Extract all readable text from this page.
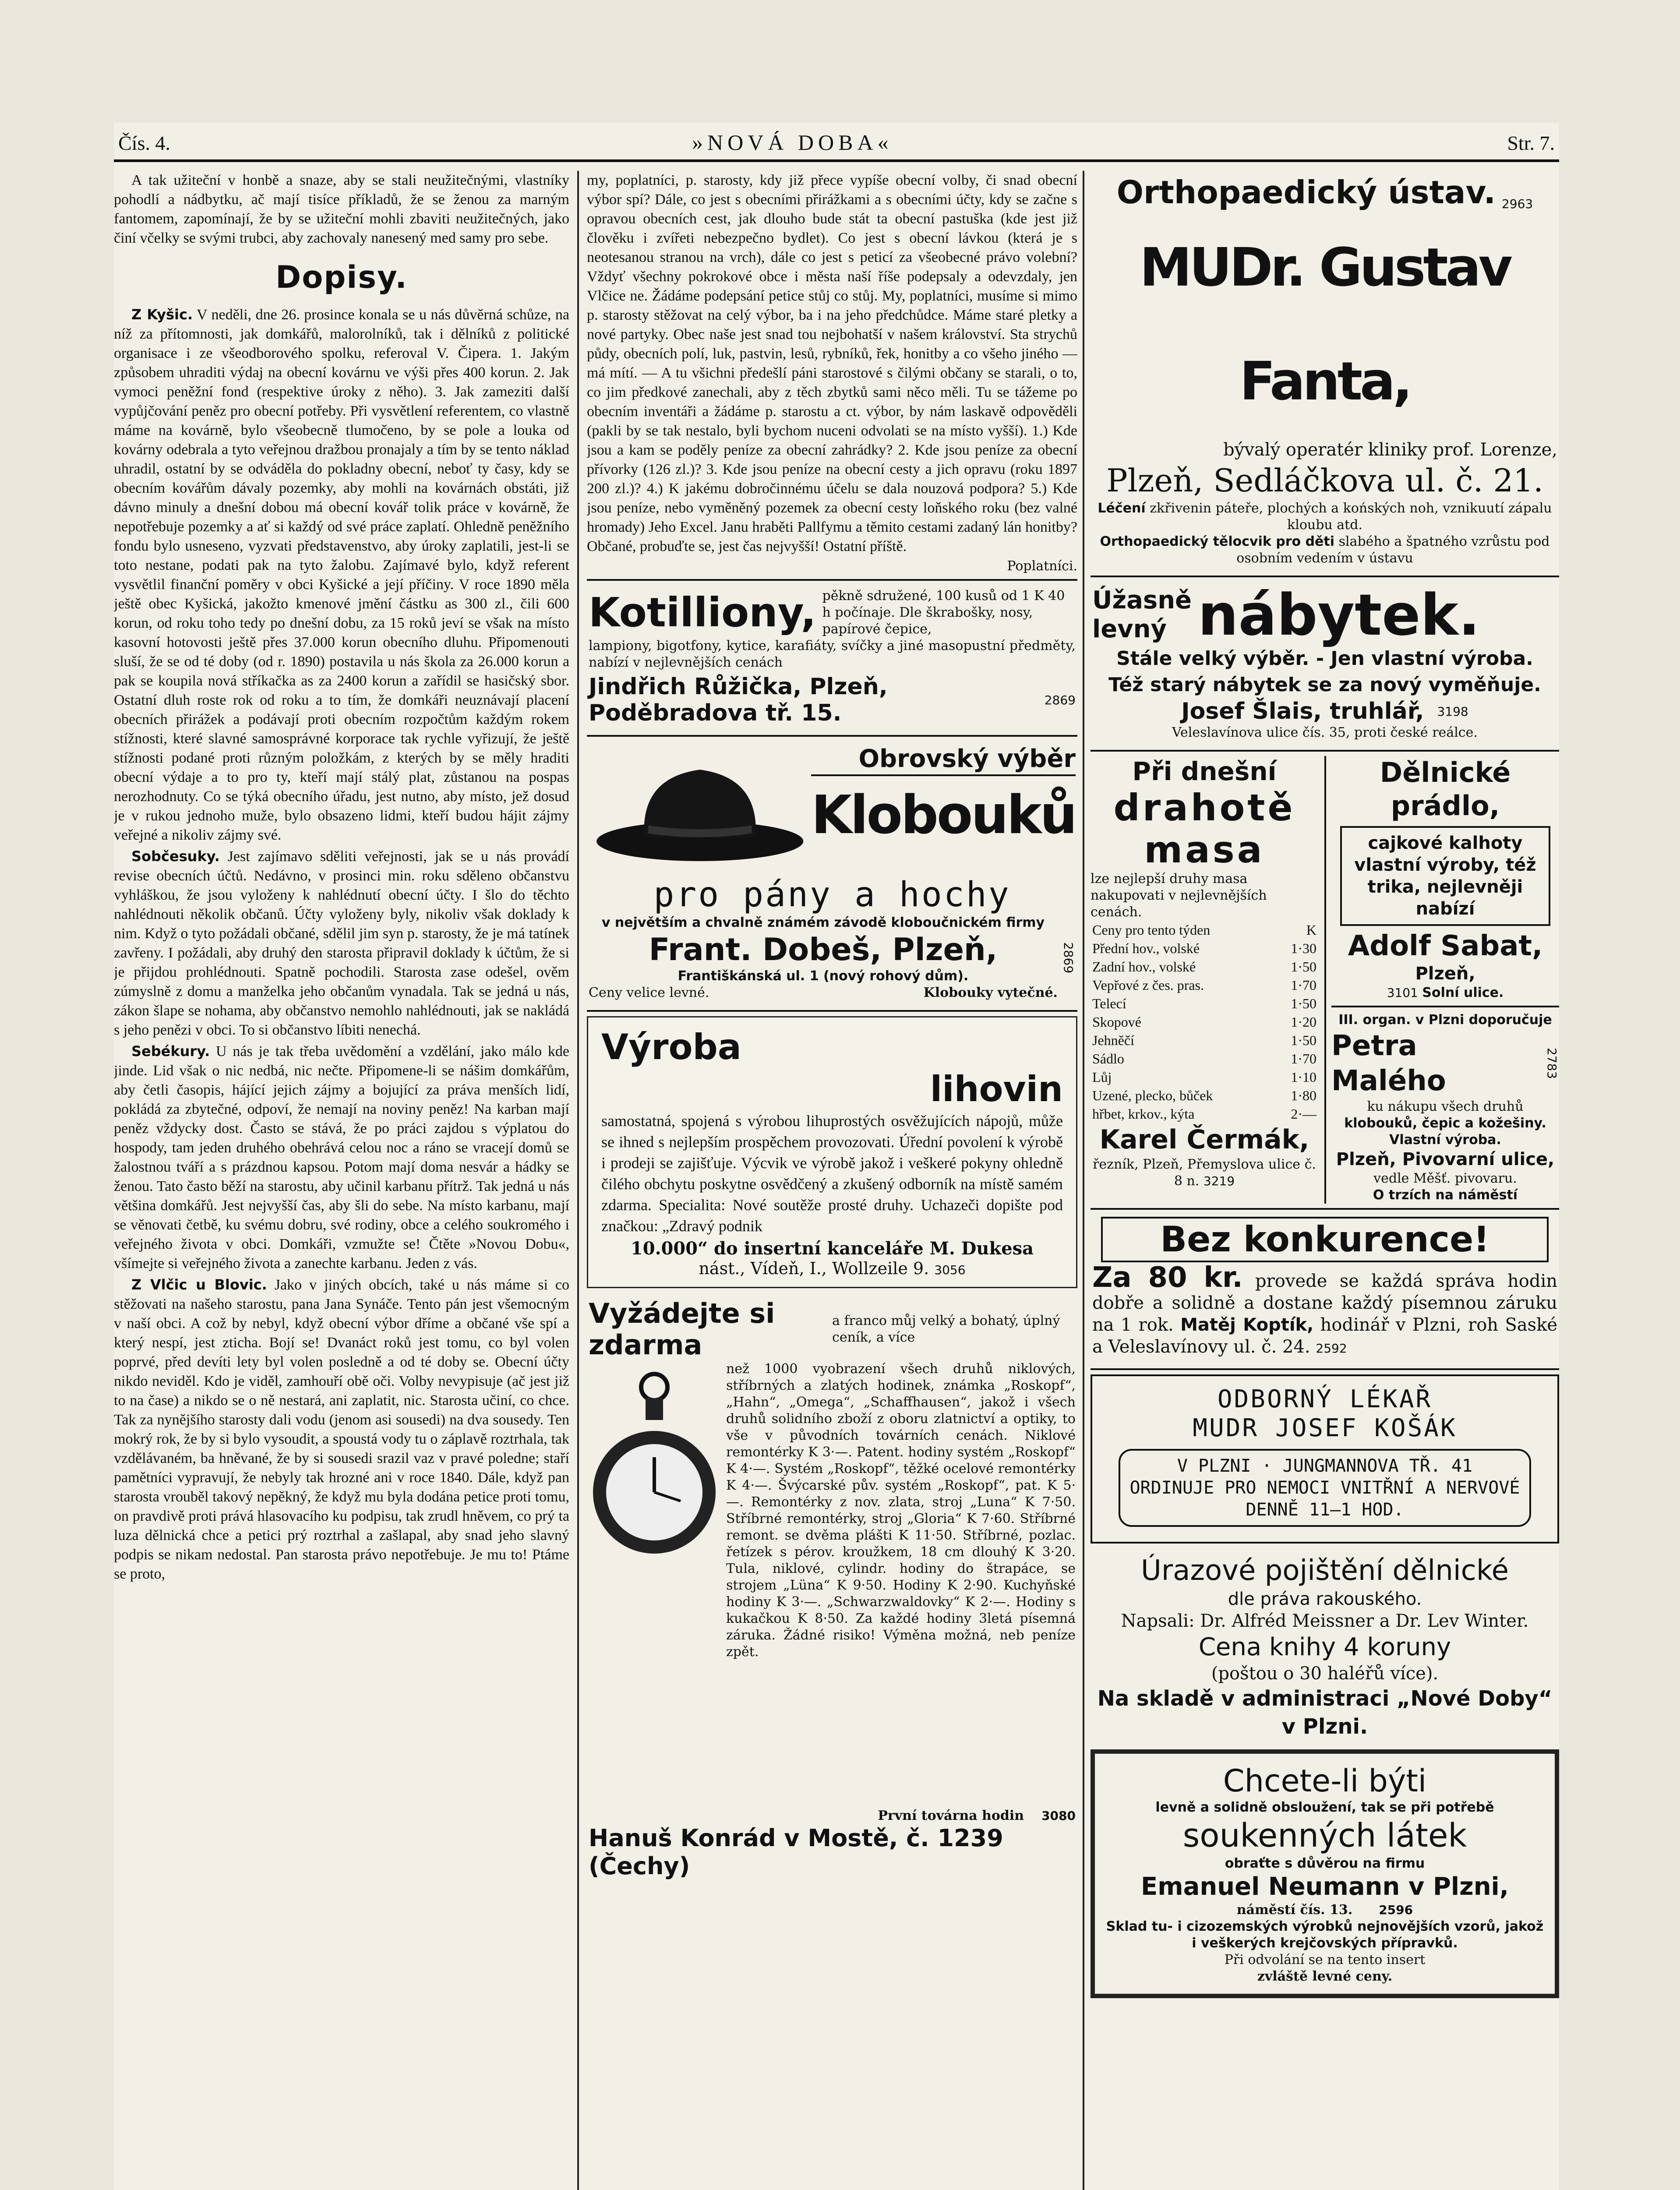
Čís. 4.	»NOVÁ DOBA«	Str. 7.

A tak užiteční v honbě a snaze, aby se stali neužitečnými, vlastníky pohodlí a nádbytku, ač mají tisíce příkladů, že se ženou za marným fantomem, zapomínají, že by se užiteční mohli zbaviti neužitečných, jako činí včelky se svými trubci, aby zachovaly nanesený med samy pro sebe.

Dopisy.

Z Kyšic. V neděli, dne 26. prosince konala se u nás důvěrná schůze, na níž za přítomnosti, jak domkářů, malorolníků, tak i dělníků z politické organisace i ze všeodborového spolku, referoval V. Čipera. 1. Jakým způsobem uhraditi výdaj na obecní kovárnu ve výši přes 400 korun. 2. Jak vymoci peněžní fond (respektive úroky z něho). 3. Jak zameziti další vypůjčování peněz pro obecní potřeby. Při vysvětlení referentem, co vlastně máme na kovárně, bylo všeobecně tlumočeno, by se pole a louka od kovárny odebrala a tyto veřejnou dražbou pronajaly a tím by se tento náklad uhradil, ostatní by se odváděla do pokladny obecní, neboť ty časy, kdy se obecním kovářům dávaly pozemky, aby mohli na kovárnách obstáti, již dávno minuly a dnešní dobou má obecní kovář tolik práce v kovárně, že nepotřebuje pozemky a ať si každý od své práce zaplatí. Ohledně peněžního fondu bylo usneseno, vyzvati představenstvo, aby úroky zaplatili, jest-li se toto nestane, podati pak na tyto žalobu. Zajímavé bylo, když referent vysvětlil finanční poměry v obci Kyšické a její příčiny. V roce 1890 měla ještě obec Kyšická, jakožto kmenové jmění částku as 300 zl., čili 600 korun, od roku toho tedy po dnešní dobu, za 15 roků jeví se však na místo kasovní hotovosti ještě přes 37.000 korun obecního dluhu. Připomenouti sluší, že se od té doby (od r. 1890) postavila u nás škola za 26.000 korun a pak se koupila nová stříkačka as za 2400 korun a zařídil se hasičský sbor. Ostatní dluh roste rok od roku a to tím, že domkáři neuznávají placení obecních přirážek a podávají proti obecním rozpočtům každým rokem stížnosti, které slavné samosprávné korporace tak rychle vyřizují, že ještě stížnosti podané proti různým položkám, z kterých by se měly hraditi obecní výdaje a to pro ty, kteří mají stálý plat, zůstanou na pospas nerozhodnuty. Co se týká obecního úřadu, jest nutno, aby místo, jež dosud je v rukou jednoho muže, bylo obsazeno lidmi, kteří budou hájit zájmy veřejné a nikoliv zájmy své.

Sobčesuky. Jest zajímavo sděliti veřejnosti, jak se u nás provádí revise obecních účtů. Nedávno, v prosinci min. roku sděleno občanstvu vyhláškou, že jsou vyloženy k nahlédnutí obecní účty. I šlo do těchto nahlédnouti několik občanů. Účty vyloženy byly, nikoliv však doklady k nim. Když o tyto požádali občané, sdělil jim syn p. starosty, že je má tatínek zavřeny. I požádali, aby druhý den starosta připravil doklady k účtům, že si je přijdou prohlédnouti. Spatně pochodili. Starosta zase odešel, ověm zúmyslně z domu a manželka jeho občanům vynadala. Tak se jedná u nás, zákon šlape se nohama, aby občanstvo nemohlo nahlédnouti, jak se nakládá s jeho penězi v obci. To si občanstvo líbiti nenechá.

Sebékury. U nás je tak třeba uvědomění a vzdělání, jako málo kde jinde. Lid však o nic nedbá, nic nečte. Připomene-li se nášim domkářům, aby četli časopis, hájící jejich zájmy a bojující za práva menších lidí, pokládá za zbytečné, odpoví, že nemají na noviny peněz! Na karban mají peněz vždycky dost. Často se stává, že po práci zajdou s výplatou do hospody, tam jeden druhého obehrává celou noc a ráno se vracejí domů se žalostnou tváří a s prázdnou kapsou. Potom mají doma nesvár a hádky se ženou. Tato často běží na starostu, aby učinil karbanu přítrž. Tak jedná u nás většina domkářů. Jest nejvyšší čas, aby šli do sebe. Na místo karbanu, mají se věnovati četbě, ku svému dobru, své rodiny, obce a celého soukromého i veřejného života v obci. Domkáři, vzmužte se! Čtěte »Novou Dobu«, všímejte si veřejného života a zanechte karbanu. Jeden z vás.

Z Vlčic u Blovic. Jako v jiných obcích, také u nás máme si co stěžovati na našeho starostu, pana Jana Synáče. Tento pán jest všemocným v naší obci. A což by nebyl, když obecní výbor dříme a občané vše spí a který nespí, jest zticha. Bojí se! Dvanáct roků jest tomu, co byl volen poprvé, před devíti lety byl volen posledně a od té doby se. Obecní účty nikdo neviděl. Kdo je viděl, zamhouří obě oči. Volby nevypisuje (ač jest již to na čase) a nikdo se o ně nestará, ani zaplatit, nic. Starosta učiní, co chce. Tak za nynějšího starosty dali vodu (jenom asi sousedi) na dva sousedy. Ten mokrý rok, že by si bylo vysoudit, a spoustá vody tu o záplavě roztrhala, tak vzdělávaném, ba hněvané, že by si sousedi srazil vaz v pravé poledne; staří pamětníci vypravují, že nebyly tak hrozné ani v roce 1840. Dále, když pan starosta vrouběl takový nepěkný, že když mu byla dodána petice proti tomu, on pravdivě proti prává hlasovacího ku podpisu, tak zrudl hněvem, co prý ta luza dělnická chce a petici prý roztrhal a zašlapal, aby snad jeho slavný podpis se nikam nedostal. Pan starosta právo nepotřebuje. Je mu to! Ptáme se proto,

my, poplatníci, p. starosty, kdy již přece vypíše obecní volby, či snad obecní výbor spí? Dále, co jest s obecními přirážkami a s obecními účty, kdy se začne s opravou obecních cest, jak dlouho bude stát ta obecní pastuška (kde jest již člověku i zvířeti nebezpečno bydlet). Co jest s obecní lávkou (která je s neotesanou stranou na vrch), dále co jest s peticí za všeobecné právo volební? Vždyť všechny pokrokové obce i města naší říše podepsaly a odevzdaly, jen Vlčice ne. Žádáme podepsání petice stůj co stůj. My, poplatníci, musíme si mimo p. starosty stěžovat na celý výbor, ba i na jeho předchůdce. Máme staré pletky a nové partyky. Obec naše jest snad tou nejbohatší v našem království. Sta strychů půdy, obecních polí, luk, pastvin, lesů, rybníků, řek, honitby a co všeho jiného — má mítí. — A tu všichni předešlí páni starostové s čilými občany se starali, o to, co jim předkové zanechali, aby z těch zbytků sami něco měli. Tu se tážeme po obecním inventáři a žádáme p. starostu a ct. výbor, by nám laskavě odpověděli (pakli by se tak nestalo, byli bychom nuceni odvolati se na místo vyšší). 1.) Kde jsou a kam se poděly peníze za obecní zahrádky? 2. Kde jsou peníze za obecní přívorky (126 zl.)? 3. Kde jsou peníze na obecní cesty a jich opravu (roku 1897 200 zl.)? 4.) K jakému dobročinnému účelu se dala nouzová podpora? 5.) Kde jsou peníze, nebo vyměněný pozemek za obecní cesty loňského roku (bez valné hromady) Jeho Excel. Janu hraběti Pallfymu a těmito cestami zadaný lán honitby? Občané, probuďte se, jest čas nejvyšší! Ostatní příště.

Poplatníci.
Kotilliony, pěkně sdružené, 100 kusů od 1 K 40 h počínaje. Dle škrabošky, nosy, papírové čepice,
lampiony, bigotfony, kytice, karafiáty, svíčky a jiné masopustní předměty, nabízí v nejlevnějších cenách
Jindřich Růžička, Plzeň, Poděbradova tř. 15.	2869
Obrovský výběr
Klobouků
pro pány a hochy
v největším a chvalně známém závodě kloboučnickém firmy
Frant. Dobeš, Plzeň,
Františkánská ul. 1 (nový rohový dům).
Ceny velice levné.	Klobouky vytečné.
2869
Výroba
lihovin
samostatná, spojená s výrobou lihuprostých osvěžujících nápojů, může se ihned s nejlepším prospěchem provozovati. Úřední povolení k výrobě i prodeji se zajišťuje. Výcvik ve výrobě jakož i veškeré pokyny ohledně čilého obchytu poskytne osvědčený a zkušený odborník na místě samém zdarma. Specialita: Nové soutěže prosté druhy. Uchazeči dopište pod značkou: „Zdravý podnik
10.000“ do insertní kanceláře M. Dukesa
nást., Vídeň, I., Wollzeile 9. 3056
Vyžádejte si zdarma
a franco můj velký a bohatý, úplný ceník, a více
než 1000 vyobrazení všech druhů niklových, stříbrných a zlatých hodinek, známka „Roskopf“, „Hahn“, „Omega“, „Schaffhausen“, jakož i všech druhů solidního zboží z oboru zlatnictví a optiky, to vše v původních továrních cenách. Niklové remontérky K 3·—. Patent. hodiny systém „Roskopf“ K 4·—. Systém „Roskopf“, těžké ocelové remontérky K 4·—. Švýcarské pův. systém „Roskopf“, pat. K 5·—. Remontérky z nov. zlata, stroj „Luna“ K 7·50. Stříbrné remontérky, stroj „Gloria“ K 7·60. Stříbrné remont. se dvěma plášti K 11·50. Stříbrné, pozlac. řetízek s pérov. kroužkem, 18 cm dlouhý K 3·20. Tula, niklové, cylindr. hodiny do štrapáce, se strojem „Lüna“ K 9·50. Hodiny K 2·90. Kuchyňské hodiny K 3·—. „Schwarzwaldovky“ K 2·—. Hodiny s kukačkou K 8·50. Za každé hodiny 3letá písemná záruka. Žádné risiko! Výměna možná, neb peníze zpět.
První továrna hodin 3080
Hanuš Konrád v Mostě, č. 1239 (Čechy)
Orthopaedický ústav. 2963
MUDr. Gustav Fanta,
bývalý operatér kliniky prof. Lorenze,
Plzeň, Sedláčkova ul. č. 21.
Léčení zkřivenin páteře, plochých a końských noh, vznikuutí zápalu kloubu atd.
Orthopaedický tělocvik pro děti slabého a špatného vzrůstu pod osobním vedením v ústavu
Úžasně
levný nábytek.
Stále velký výběr. - Jen vlastní výroba.
Též starý nábytek se za nový vyměňuje.
Josef Šlais, truhlář, 3198
Veleslavínova ulice čís. 35, proti české reálce.
Při dnešní
drahotě
masa
lze nejlepší druhy masa nakupovati v nejlevnějších cenách.
Ceny pro tento týden	K
Přední hov., volské	1·30
Zadní hov., volské	1·50
Vepřové z čes. pras.	1·70
Telecí	1·50
Skopové	1·20
Jehněčí	1·50
Sádlo	1·70
Lůj	1·10
Uzené, plecko, bůček	1·80
hřbet, krkov., kýta	2·—
Karel Čermák,
řezník, Plzeň, Přemyslova ulice č. 8 n. 3219
Dělnické prádlo,
cajkové kalhoty vlastní výroby, též trika, nejlevněji nabízí
Adolf Sabat,
Plzeň,
3101 Solní ulice.
III. organ. v Plzni doporučuje
Petra Malého
2783
ku nákupu všech druhů
klobouků, čepic a kožešiny. Vlastní výroba.
Plzeň, Pivovarní ulice,
vedle Měšť. pivovaru.
O trzích na náměstí
Bez konkurence!
Za 80 kr. provede se každá správa hodin dobře a solidně a dostane každý písemnou záruku na 1 rok. Matěj Koptík, hodinář v Plzni, roh Saské a Veleslavínovy ul. č. 24. 2592
ODBORNÝ LÉKAŘ
MUDR JOSEF KOŠÁK
V PLZNI · JUNGMANNOVA TŘ. 41
ORDINUJE PRO NEMOCI VNITŘNÍ A NERVOVÉ DENNĚ 11–1 HOD.
Úrazové pojištění dělnické
dle práva rakouského.
Napsali: Dr. Alfréd Meissner a Dr. Lev Winter.
Cena knihy 4 koruny
(poštou o 30 haléřů více).
Na skladě v administraci „Nové Doby“ v Plzni.
Chcete-li býti
levně a solidně obsloužení, tak se při potřebě
soukenných látek
obraťte s důvěrou na firmu
Emanuel Neumann v Plzni,
náměstí čís. 13. 2596
Sklad tu- i cizozemských výrobků nejnovějších vzorů, jakož i veškerých krejčovských přípravků.
Při odvolání se na tento insert
zvláště levné ceny.
